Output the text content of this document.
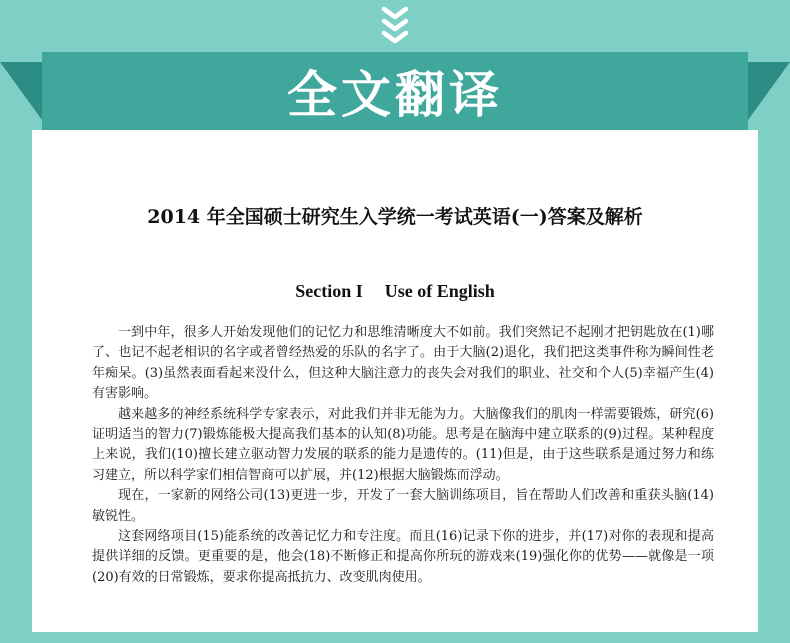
全文翻译
2014 年全国硕士研究生入学统一考试英语(一)答案及解析
Section I Use of English

一到中年，很多人开始发现他们的记忆力和思维清晰度大不如前。我们突然记不起刚才把钥匙放在(1)哪了、也记不起老相识的名字或者曾经热爱的乐队的名字了。由于大脑(2)退化，我们把这类事件称为瞬间性老年痴呆。(3)虽然表面看起来没什么，但这种大脑注意力的丧失会对我们的职业、社交和个人(5)幸福产生(4)有害影响。

越来越多的神经系统科学专家表示，对此我们并非无能为力。大脑像我们的肌肉一样需要锻炼，研究(6)证明适当的智力(7)锻炼能极大提高我们基本的认知(8)功能。思考是在脑海中建立联系的(9)过程。某种程度上来说，我们(10)擅长建立驱动智力发展的联系的能力是遗传的。(11)但是，由于这些联系是通过努力和练习建立，所以科学家们相信智商可以扩展，并(12)根据大脑锻炼而浮动。

现在，一家新的网络公司(13)更进一步，开发了一套大脑训练项目，旨在帮助人们改善和重获头脑(14)敏锐性。

这套网络项目(15)能系统的改善记忆力和专注度。而且(16)记录下你的进步，并(17)对你的表现和提高提供详细的反馈。更重要的是，他会(18)不断修正和提高你所玩的游戏来(19)强化你的优势——就像是一项(20)有效的日常锻炼，要求你提高抵抗力、改变肌肉使用。
